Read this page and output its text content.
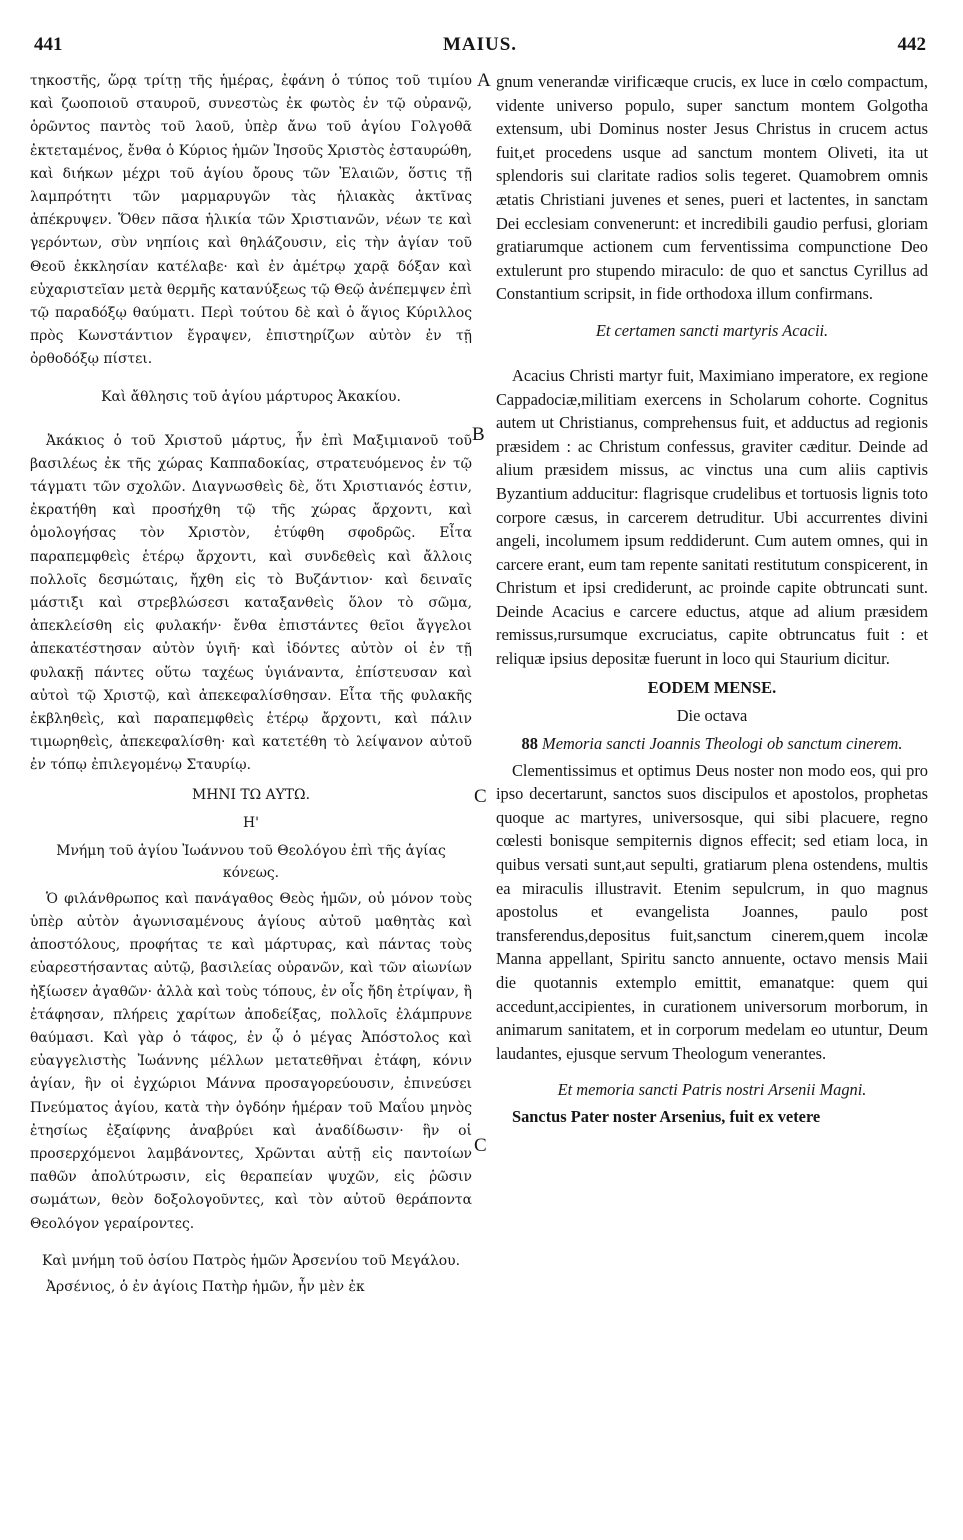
MAIUS.
441	442
A
B
C
C

τηκοστῆς, ὥρᾳ τρίτῃ τῆς ἡμέρας, ἐφάνη ὁ τύπος τοῦ τιμίου καὶ ζωοποιοῦ σταυροῦ, συνεστὼς ἐκ φωτὸς ἐν τῷ οὐρανῷ, ὁρῶντος παντὸς τοῦ λαοῦ, ὑπὲρ ἄνω τοῦ ἁγίου Γολγοθᾶ ἐκτεταμένος, ἔνθα ὁ Κύριος ἡμῶν Ἰησοῦς Χριστὸς ἐσταυρώθη, καὶ διήκων μέχρι τοῦ ἁγίου ὄρους τῶν Ἐλαιῶν, ὅστις τῇ λαμπρότητι τῶν μαρμαρυγῶν τὰς ἡλιακὰς ἀκτῖνας ἀπέκρυψεν. Ὅθεν πᾶσα ἡλικία τῶν Χριστιανῶν, νέων τε καὶ γερόντων, σὺν νηπίοις καὶ θηλάζουσιν, εἰς τὴν ἁγίαν τοῦ Θεοῦ ἐκκλησίαν κατέλαβε· καὶ ἐν ἀμέτρῳ χαρᾷ δόξαν καὶ εὐχαριστεῖαν μετὰ θερμῆς κατανύξεως τῷ Θεῷ ἀνέπεμψεν ἐπὶ τῷ παραδόξῳ θαύματι. Περὶ τούτου δὲ καὶ ὁ ἅγιος Κύριλλος πρὸς Κωνστάντιον ἔγραψεν, ἐπιστηρίζων αὐτὸν ἐν τῇ ὀρθοδόξῳ πίστει.

Καὶ ἄθλησις τοῦ ἁγίου μάρτυρος Ἀκακίου.

Ἀκάκιος ὁ τοῦ Χριστοῦ μάρτυς, ἦν ἐπὶ Μαξιμιανοῦ τοῦ βασιλέως ἐκ τῆς χώρας Καππαδοκίας, στρατευόμενος ἐν τῷ τάγματι τῶν σχολῶν. Διαγνωσθεὶς δὲ, ὅτι Χριστιανός ἐστιν, ἐκρατήθη καὶ προσήχθη τῷ τῆς χώρας ἄρχοντι, καὶ ὁμολογήσας τὸν Χριστὸν, ἐτύφθη σφοδρῶς. Εἶτα παραπεμφθεὶς ἑτέρῳ ἄρχοντι, καὶ συνδεθεὶς καὶ ἄλλοις πολλοῖς δεσμώταις, ἤχθη εἰς τὸ Βυζάντιον· καὶ δειναῖς μάστιξι καὶ στρεβλώσεσι καταξανθεὶς ὅλον τὸ σῶμα, ἀπεκλείσθη εἰς φυλακήν· ἔνθα ἐπιστάντες θεῖοι ἄγγελοι ἀπεκατέστησαν αὐτὸν ὑγιῆ· καὶ ἰδόντες αὐτὸν οἱ ἐν τῇ φυλακῇ πάντες οὕτω ταχέως ὑγιάναντα, ἐπίστευσαν καὶ αὐτοὶ τῷ Χριστῷ, καὶ ἀπεκεφαλίσθησαν. Εἶτα τῆς φυλακῆς ἐκβληθεὶς, καὶ παραπεμφθεὶς ἑτέρῳ ἄρχοντι, καὶ πάλιν τιμωρηθεὶς, ἀπεκεφαλίσθη· καὶ κατετέθη τὸ λείψανον αὐτοῦ ἐν τόπῳ ἐπιλεγομένῳ Σταυρίῳ.

ΜΗΝΙ ΤΩ ΑΥΤΩ.
Η'
Μνήμη τοῦ ἁγίου Ἰωάννου τοῦ Θεολόγου ἐπὶ τῆς ἁγίας κόνεως.

Ὁ φιλάνθρωπος καὶ πανάγαθος Θεὸς ἡμῶν, οὐ μόνον τοὺς ὑπὲρ αὐτὸν ἀγωνισαμένους ἁγίους αὐτοῦ μαθητὰς καὶ ἀποστόλους, προφήτας τε καὶ μάρτυρας, καὶ πάντας τοὺς εὐαρεστήσαντας αὐτῷ, βασιλείας οὐρανῶν, καὶ τῶν αἰωνίων ἠξίωσεν ἀγαθῶν· ἀλλὰ καὶ τοὺς τόπους, ἐν οἷς ἤδη ἐτρίψαν, ἢ ἐτάφησαν, πλήρεις χαρίτων ἀποδείξας, πολλοῖς ἐλάμπρυνε θαύμασι. Καὶ γὰρ ὁ τάφος, ἐν ᾧ ὁ μέγας Ἀπόστολος καὶ εὐαγγελιστὴς Ἰωάννης μέλλων μετατεθῆναι ἐτάφη, κόνιν ἁγίαν, ἣν οἱ ἐγχώριοι Μάννα προσαγορεύουσιν, ἐπινεύσει Πνεύματος ἁγίου, κατὰ τὴν ὀγδόην ἡμέραν τοῦ Μαΐου μηνὸς ἐτησίως ἐξαίφνης ἀναβρύει καὶ ἀναδίδωσιν· ἣν οἱ προσερχόμενοι λαμβάνοντες, Χρῶνται αὐτῇ εἰς παντοίων παθῶν ἀπολύτρωσιν, εἰς θεραπείαν ψυχῶν, εἰς ῥῶσιν σωμάτων, θεὸν δοξολογοῦντες, καὶ τὸν αὐτοῦ θεράποντα Θεολόγον γεραίροντες.

Καὶ μνήμη τοῦ ὁσίου Πατρὸς ἡμῶν Ἀρσενίου τοῦ Μεγάλου.

Ἀρσένιος, ὁ ἐν ἁγίοις Πατὴρ ἡμῶν, ἦν μὲν ἐκ

gnum venerandæ virificæque crucis, ex luce in cœlo compactum, vidente universo populo, super sanctum montem Golgotha extensum, ubi Dominus noster Jesus Christus in crucem actus fuit,et procedens usque ad sanctum montem Oliveti, ita ut splendoris sui claritate radios solis tegeret. Quamobrem omnis ætatis Christiani juvenes et senes, pueri et lactentes, in sanctam Dei ecclesiam convenerunt: et incredibili gaudio perfusi, gloriam gratiarumque actionem cum ferventissima compunctione Deo extulerunt pro stupendo miraculo: de quo et sanctus Cyrillus ad Constantium scripsit, in fide orthodoxa illum confirmans.

Et certamen sancti martyris Acacii.

Acacius Christi martyr fuit, Maximiano imperatore, ex regione Cappadociæ,militiam exercens in Scholarum cohorte. Cognitus autem ut Christianus, comprehensus fuit, et adductus ad regionis præsidem : ac Christum confessus, graviter cæditur. Deinde ad alium præsidem missus, ac vinctus una cum aliis captivis Byzantium adducitur: flagrisque crudelibus et tortuosis lignis toto corpore cæsus, in carcerem detruditur. Ubi accurrentes divini angeli, incolumem ipsum reddiderunt. Cum autem omnes, qui in carcere erant, eum tam repente sanitati restitutum conspicerent, in Christum et ipsi crediderunt, ac proinde capite obtruncati sunt. Deinde Acacius e carcere eductus, atque ad alium præsidem remissus,rursumque excruciatus, capite obtruncatus fuit : et reliquæ ipsius depositæ fuerunt in loco qui Staurium dicitur.

EODEM MENSE.
Die octava
88 Memoria sancti Joannis Theologi ob sanctum cinerem.

Clementissimus et optimus Deus noster non modo eos, qui pro ipso decertarunt, sanctos suos discipulos et apostolos, prophetas quoque ac martyres, universosque, qui sibi placuere, regno cœlesti bonisque sempiternis dignos effecit; sed etiam loca, in quibus versati sunt,aut sepulti, gratiarum plena ostendens, multis ea miraculis illustravit. Etenim sepulcrum, in quo magnus apostolus et evangelista Joannes, paulo post transferendus,depositus fuit,sanctum cinerem,quem incolæ Manna appellant, Spiritu sancto annuente, octavo mensis Maii die quotannis extemplo emittit, emanatque: quem qui accedunt,accipientes, in curationem universorum morborum, in animarum sanitatem, et in corporum medelam eo utuntur, Deum laudantes, ejusque servum Theologum venerantes.

Et memoria sancti Patris nostri Arsenii Magni.

Sanctus Pater noster Arsenius, fuit ex vetere
